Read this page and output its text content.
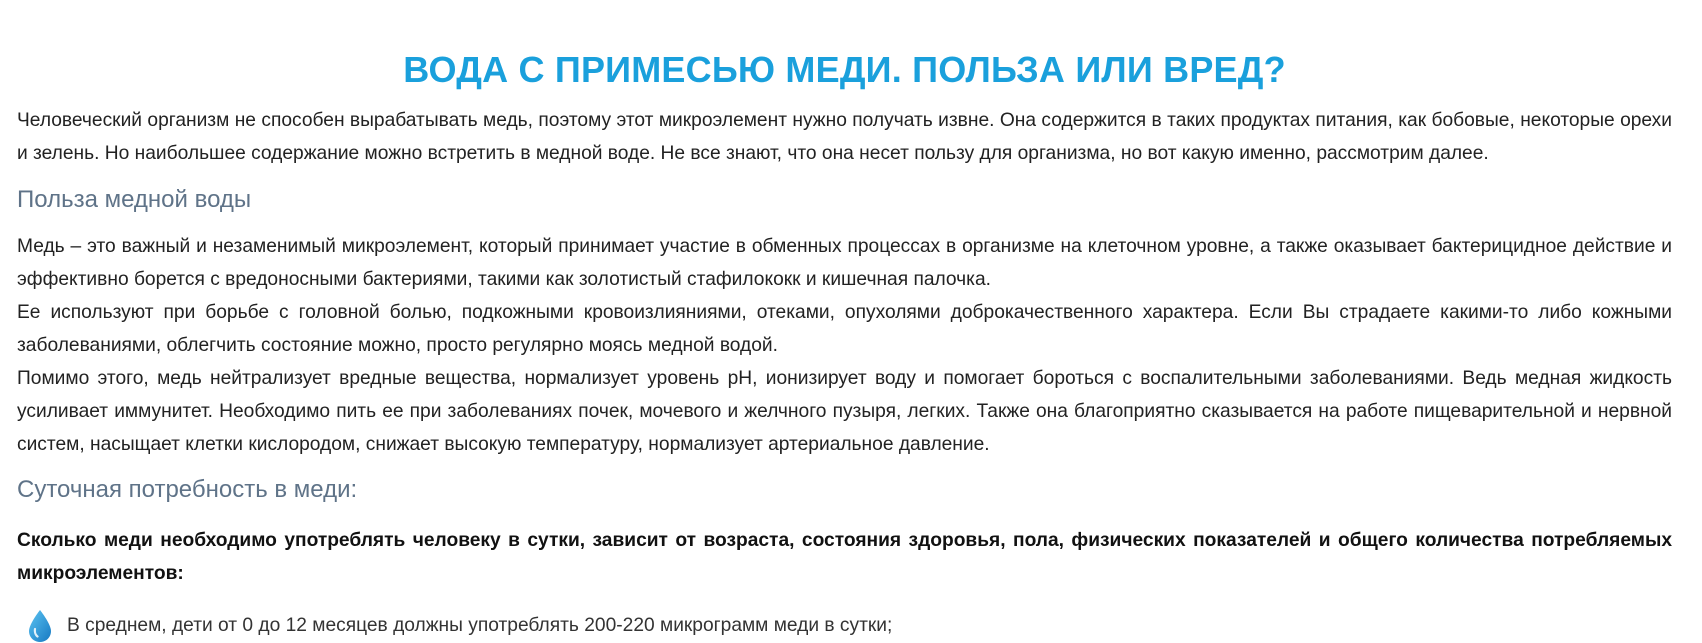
ВОДА С ПРИМЕСЬЮ МЕДИ. ПОЛЬЗА ИЛИ ВРЕД?

Человеческий организм не способен вырабатывать медь, поэтому этот микроэлемент нужно получать извне. Она содержится в таких продуктах питания, как бобовые, некоторые орехи и зелень. Но наибольшее содержание можно встретить в медной воде. Не все знают, что она несет пользу для организма, но вот какую именно, рассмотрим далее.

Польза медной воды

Медь – это важный и незаменимый микроэлемент, который принимает участие в обменных процессах в организме на клеточном уровне, а также оказывает бактерицидное действие и эффективно борется с вредоносными бактериями, такими как золотистый стафилококк и кишечная палочка.

Ее используют при борьбе с головной болью, подкожными кровоизлияниями, отеками, опухолями доброкачественного характера. Если Вы страдаете какими-то либо кожными заболеваниями, облегчить состояние можно, просто регулярно моясь медной водой.

Помимо этого, медь нейтрализует вредные вещества, нормализует уровень pH, ионизирует воду и помогает бороться с воспалительными заболеваниями. Ведь медная жидкость усиливает иммунитет. Необходимо пить ее при заболеваниях почек, мочевого и желчного пузыря, легких. Также она благоприятно сказывается на работе пищеварительной и нервной систем, насыщает клетки кислородом, снижает высокую температуру, нормализует артериальное давление.

Суточная потребность в меди:

Сколько меди необходимо употреблять человеку в сутки, зависит от возраста, состояния здоровья, пола, физических показателей и общего количества потребляемых микроэлементов:

В среднем, дети от 0 до 12 месяцев должны употреблять 200-220 микрограмм меди в сутки;
